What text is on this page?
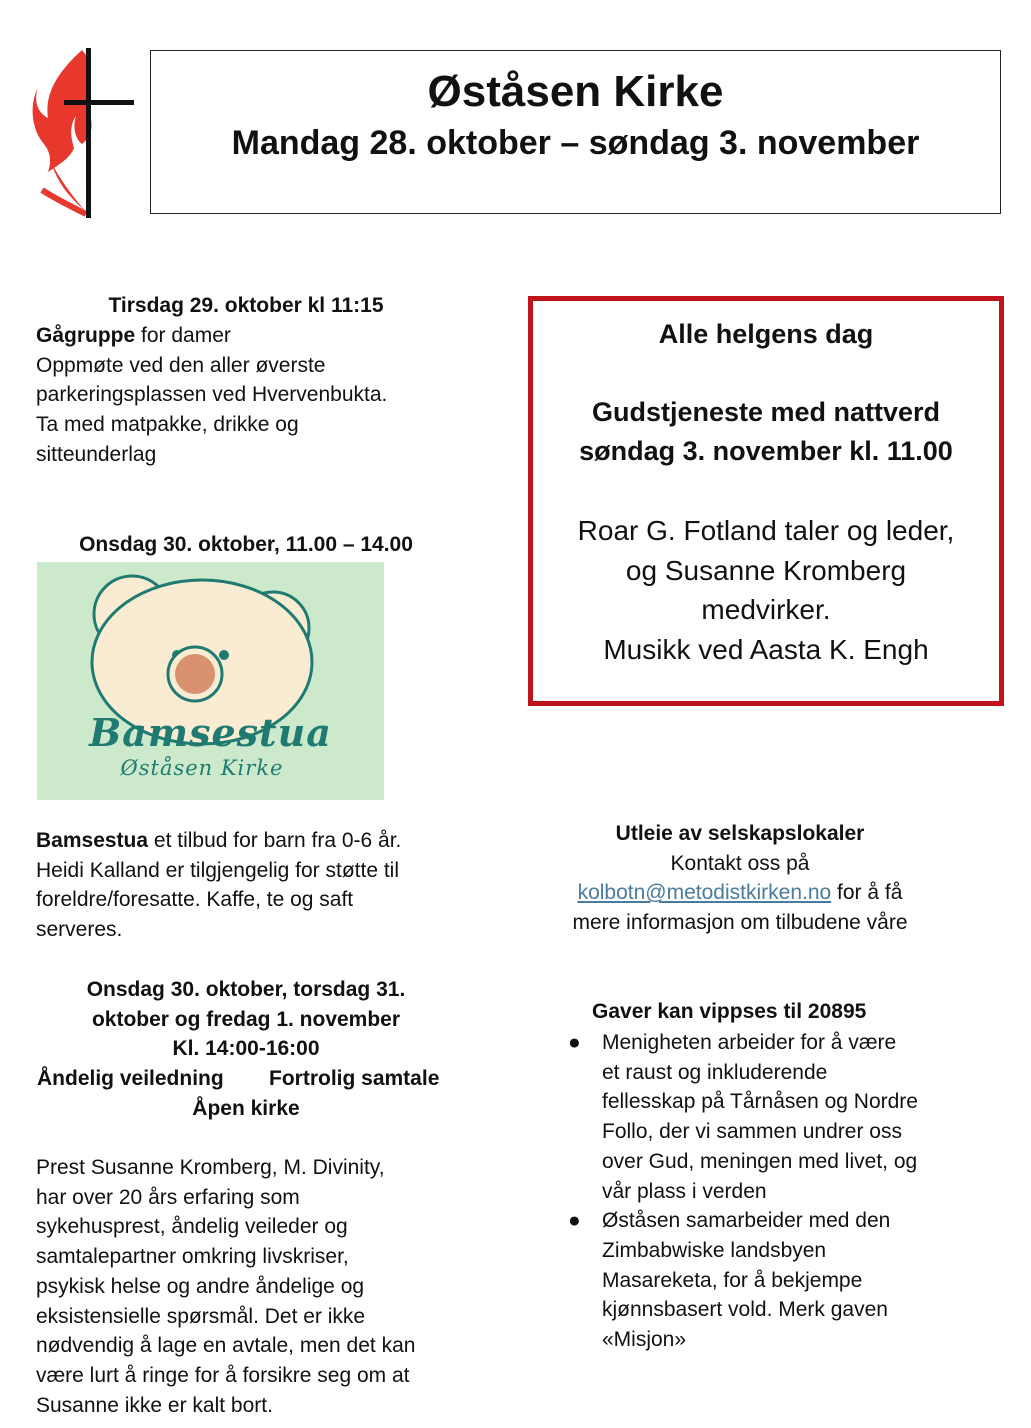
Øståsen Kirke
Mandag 28. oktober – søndag 3. november
Tirsdag 29. oktober kl 11:15
Gågruppe for damer
Oppmøte ved den aller øverste
parkeringsplassen ved Hvervenbukta.
Ta med matpakke, drikke og
sitteunderlag
Onsdag 30. oktober, 11.00 – 14.00
Bamsestua
Øståsen Kirke
Bamsestua et tilbud for barn fra 0-6 år.
Heidi Kalland er tilgjengelig for støtte til
foreldre/foresatte. Kaffe, te og saft
serveres.
Onsdag 30. oktober, torsdag 31.
oktober og fredag 1. november
Kl. 14:00-16:00
Åndelig veiledning Fortrolig samtale
Åpen kirke
Prest Susanne Kromberg, M. Divinity,
har over 20 års erfaring som
sykehusprest, åndelig veileder og
samtalepartner omkring livskriser,
psykisk helse og andre åndelige og
eksistensielle spørsmål. Det er ikke
nødvendig å lage en avtale, men det kan
være lurt å ringe for å forsikre seg om at
Susanne ikke er kalt bort.
Alle helgens dag
Gudstjeneste med nattverd
søndag 3. november kl. 11.00
Roar G. Fotland taler og leder,
og Susanne Kromberg
medvirker.
Musikk ved Aasta K. Engh
Utleie av selskapslokaler
Kontakt oss på
kolbotn@metodistkirken.no for å få
mere informasjon om tilbudene våre
Gaver kan vippses til 20895
● Menigheten arbeider for å være
et raust og inkluderende
fellesskap på Tårnåsen og Nordre
Follo, der vi sammen undrer oss
over Gud, meningen med livet, og
vår plass i verden
● Øståsen samarbeider med den
Zimbabwiske landsbyen
Masareketa, for å bekjempe
kjønnsbasert vold. Merk gaven
«Misjon»
